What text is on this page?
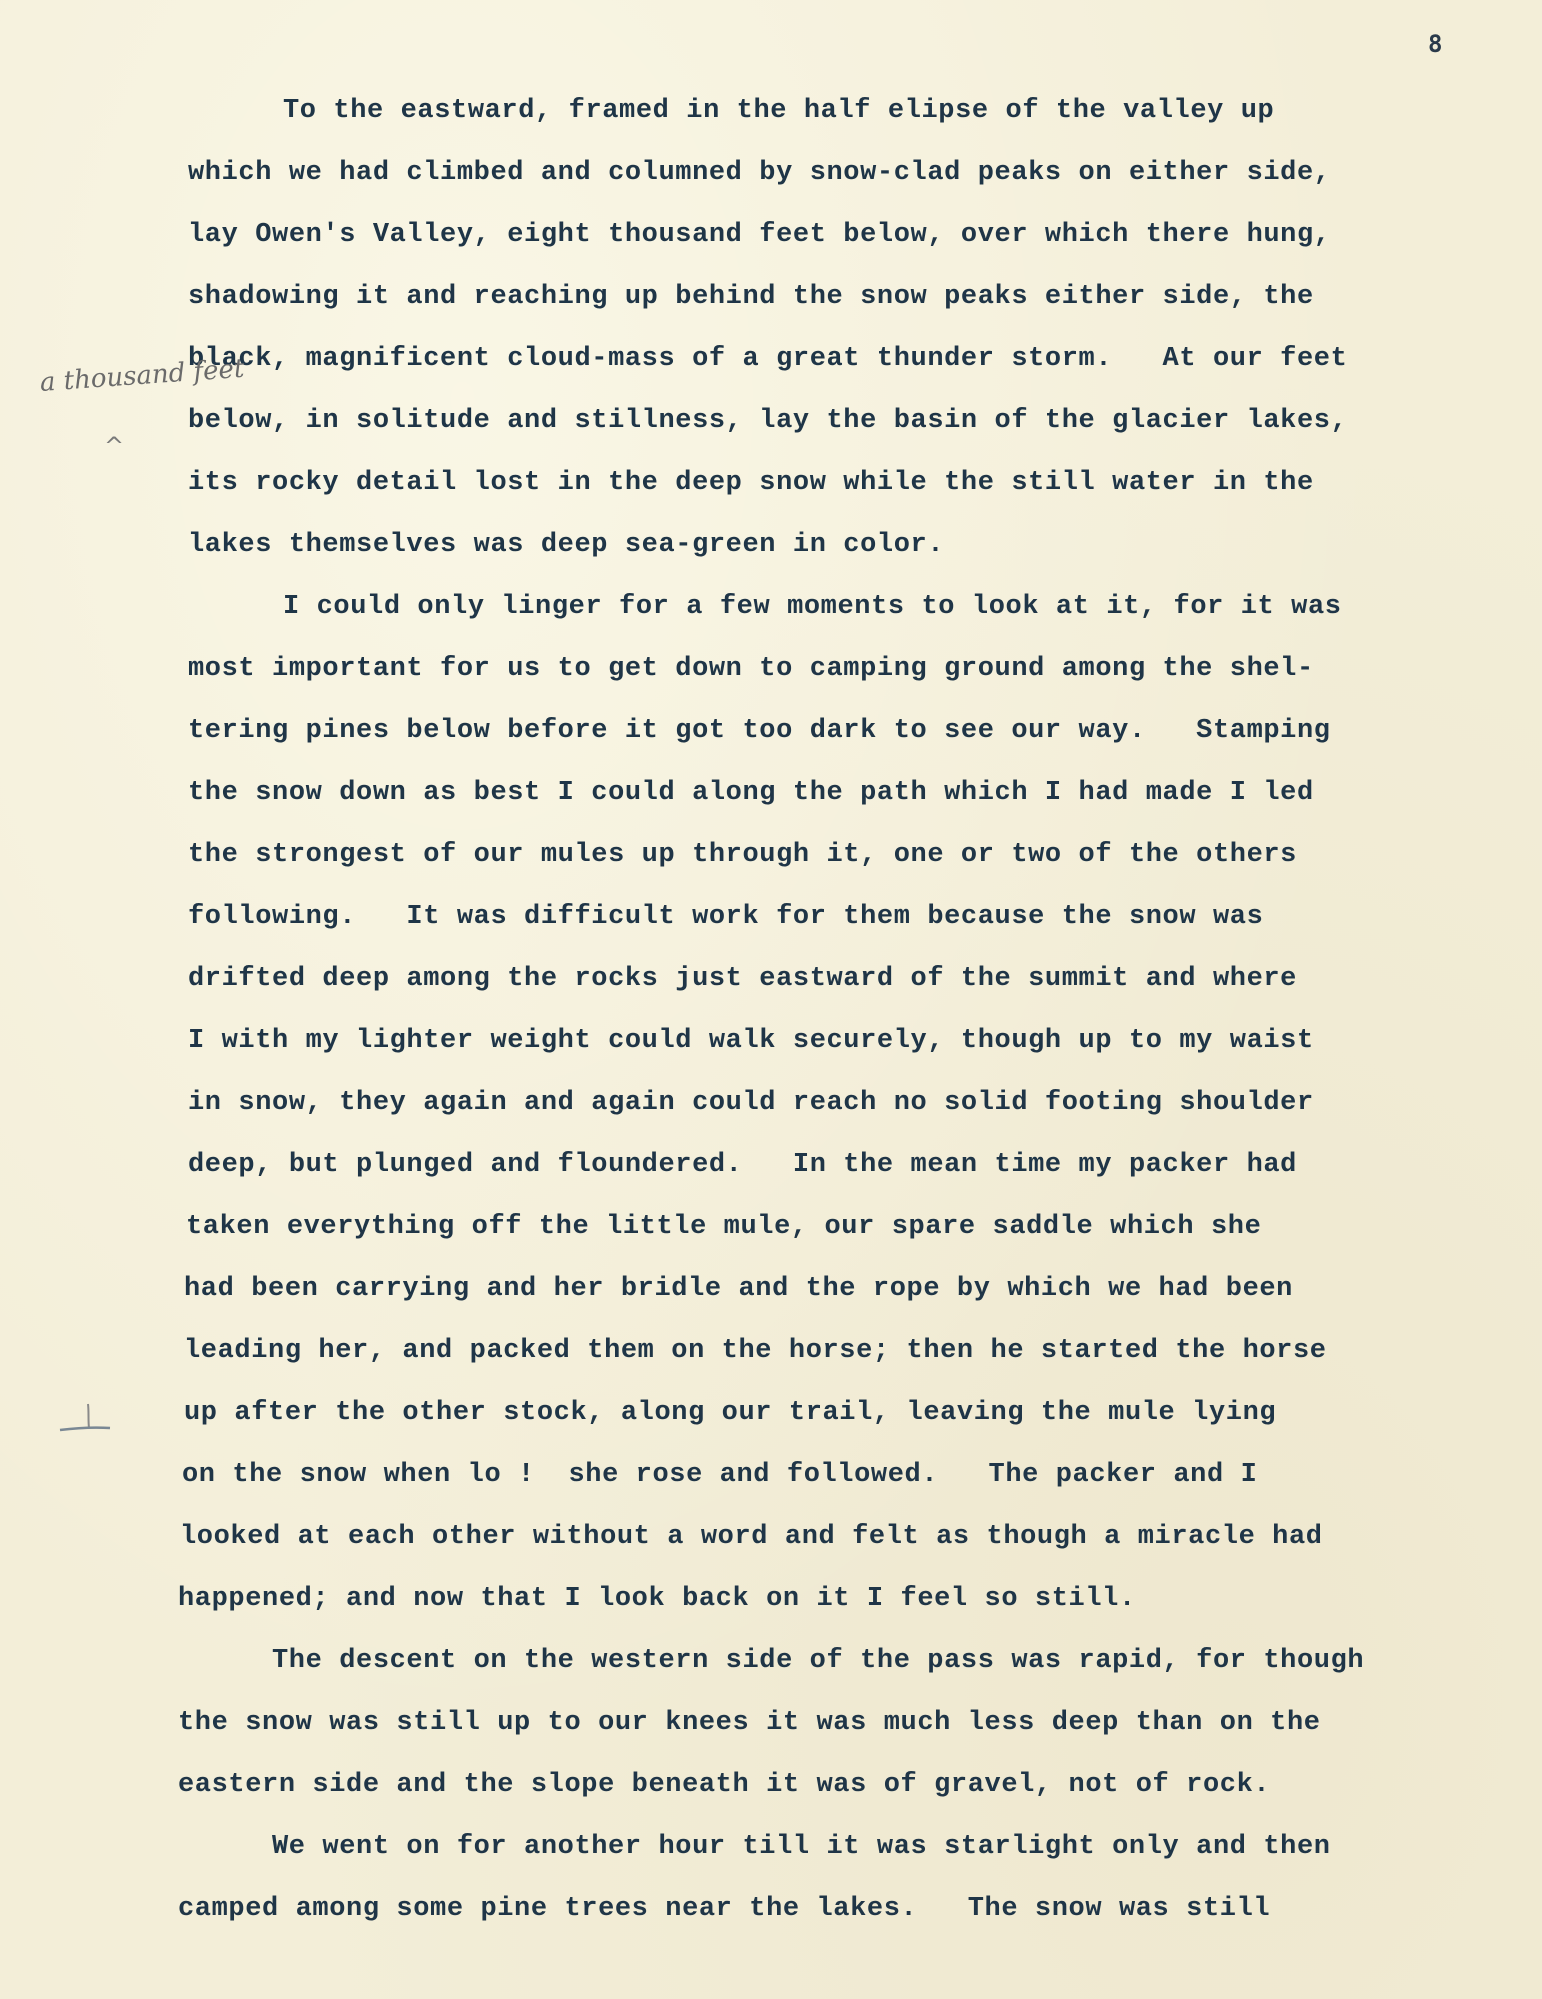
8
To the eastward, framed in the half elipse of the valley up
which we had climbed and columned by snow-clad peaks on either side,
lay Owen's Valley, eight thousand feet below, over which there hung,
shadowing it and reaching up behind the snow peaks either side, the
black, magnificent cloud-mass of a great thunder storm.   At our feet
below, in solitude and stillness, lay the basin of the glacier lakes,
its rocky detail lost in the deep snow while the still water in the
lakes themselves was deep sea-green in color.
I could only linger for a few moments to look at it, for it was
most important for us to get down to camping ground among the shel-
tering pines below before it got too dark to see our way.   Stamping
the snow down as best I could along the path which I had made I led
the strongest of our mules up through it, one or two of the others
following.   It was difficult work for them because the snow was
drifted deep among the rocks just eastward of the summit and where
I with my lighter weight could walk securely, though up to my waist
in snow, they again and again could reach no solid footing shoulder
deep, but plunged and floundered.   In the mean time my packer had
taken everything off the little mule, our spare saddle which she
had been carrying and her bridle and the rope by which we had been
leading her, and packed them on the horse; then he started the horse
up after the other stock, along our trail, leaving the mule lying
on the snow when lo !  she rose and followed.   The packer and I
looked at each other without a word and felt as though a miracle had
happened; and now that I look back on it I feel so still.
The descent on the western side of the pass was rapid, for though
the snow was still up to our knees it was much less deep than on the
eastern side and the slope beneath it was of gravel, not of rock.
We went on for another hour till it was starlight only and then
camped among some pine trees near the lakes.   The snow was still
a thousand feet
^
